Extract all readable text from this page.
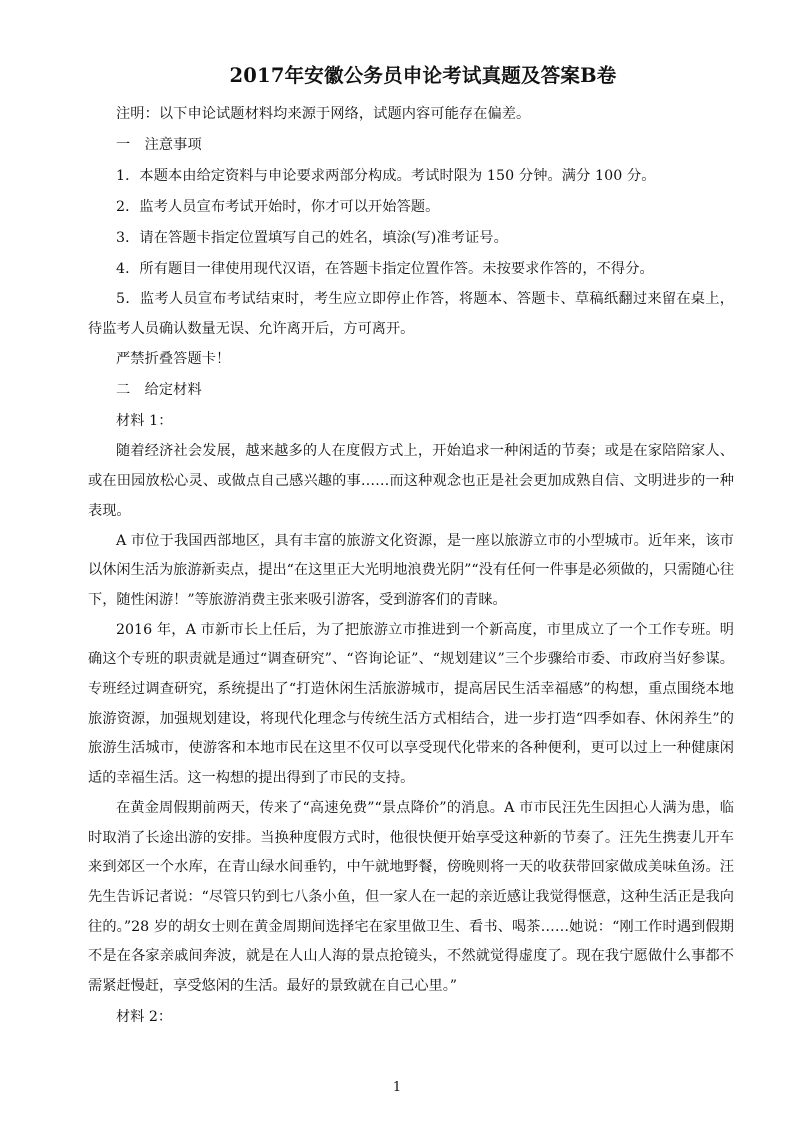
2017年安徽公务员申论考试真题及答案B卷

注明：以下申论试题材料均来源于网络，试题内容可能存在偏差。

一　注意事项

1．本题本由给定资料与申论要求两部分构成。考试时限为 150 分钟。满分 100 分。

2．监考人员宣布考试开始时，你才可以开始答题。

3．请在答题卡指定位置填写自己的姓名，填涂(写)准考证号。

4．所有题目一律使用现代汉语，在答题卡指定位置作答。未按要求作答的，不得分。

5．监考人员宣布考试结束时，考生应立即停止作答，将题本、答题卡、草稿纸翻过来留在桌上，待监考人员确认数量无误、允许离开后，方可离开。

严禁折叠答题卡！

二　给定材料

材料 1：

随着经济社会发展，越来越多的人在度假方式上，开始追求一种闲适的节奏；或是在家陪陪家人、或在田园放松心灵、或做点自己感兴趣的事……而这种观念也正是社会更加成熟自信、文明进步的一种表现。

A 市位于我国西部地区，具有丰富的旅游文化资源，是一座以旅游立市的小型城市。近年来，该市以休闲生活为旅游新卖点，提出“在这里正大光明地浪费光阴”“没有任何一件事是必须做的，只需随心往下，随性闲游！”等旅游消费主张来吸引游客，受到游客们的青睐。

2016 年，A 市新市长上任后，为了把旅游立市推进到一个新高度，市里成立了一个工作专班。明确这个专班的职责就是通过“调查研究”、“咨询论证”、“规划建议”三个步骤给市委、市政府当好参谋。专班经过调查研究，系统提出了“打造休闲生活旅游城市，提高居民生活幸福感”的构想，重点围绕本地旅游资源，加强规划建设，将现代化理念与传统生活方式相结合，进一步打造“四季如春、休闲养生”的旅游生活城市，使游客和本地市民在这里不仅可以享受现代化带来的各种便利，更可以过上一种健康闲适的幸福生活。这一构想的提出得到了市民的支持。

在黄金周假期前两天，传来了“高速免费”“景点降价”的消息。A 市市民汪先生因担心人满为患，临时取消了长途出游的安排。当换种度假方式时，他很快便开始享受这种新的节奏了。汪先生携妻儿开车来到郊区一个水库，在青山绿水间垂钓，中午就地野餐，傍晚则将一天的收获带回家做成美味鱼汤。汪先生告诉记者说：“尽管只钓到七八条小鱼，但一家人在一起的亲近感让我觉得惬意，这种生活正是我向往的。”28 岁的胡女士则在黄金周期间选择宅在家里做卫生、看书、喝茶……她说：“刚工作时遇到假期不是在各家亲戚间奔波，就是在人山人海的景点抢镜头，不然就觉得虚度了。现在我宁愿做什么事都不需紧赶慢赶，享受悠闲的生活。最好的景致就在自己心里。”

材料 2：

1
